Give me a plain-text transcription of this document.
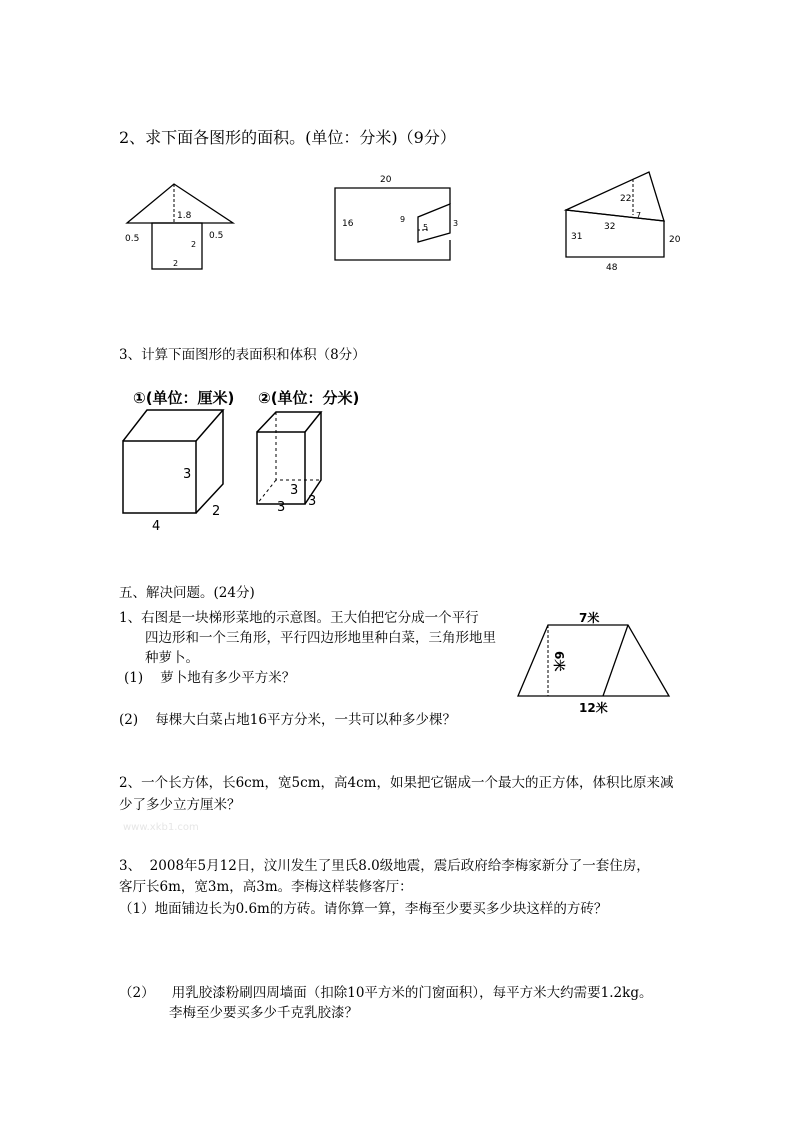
2、求下面各图形的面积。(单位：分米)（9分）
1.8
0.5	0.5
2
2
20
16	9
5	3
22
32
7
31	20
48
3、计算下面图形的表面积和体积（8分）
①(单位：厘米) ②(单位：分米)
3
4
2
3
3 3
五、解决问题。(24分)
1、右图是一块梯形菜地的示意图。王大伯把它分成一个平行
四边形和一个三角形，平行四边形地里种白菜，三角形地里
种萝卜。
(1)    萝卜地有多少平方米？
(2)    每棵大白菜占地16平方分米，一共可以种多少棵？
7米
6米
12米
2、一个长方体，长6cm，宽5cm，高4cm，如果把它锯成一个最大的正方体，体积比原来减
少了多少立方厘米？
www.xkb1.com
3、  2008年5月12日，汶川发生了里氏8.0级地震，震后政府给李梅家新分了一套住房，
客厅长6m，宽3m，高3m。李梅这样装修客厅：
（1）地面铺边长为0.6m的方砖。请你算一算，李梅至少要买多少块这样的方砖？
（2）    用乳胶漆粉刷四周墙面（扣除10平方米的门窗面积），每平方米大约需要1.2kg。
李梅至少要买多少千克乳胶漆？
